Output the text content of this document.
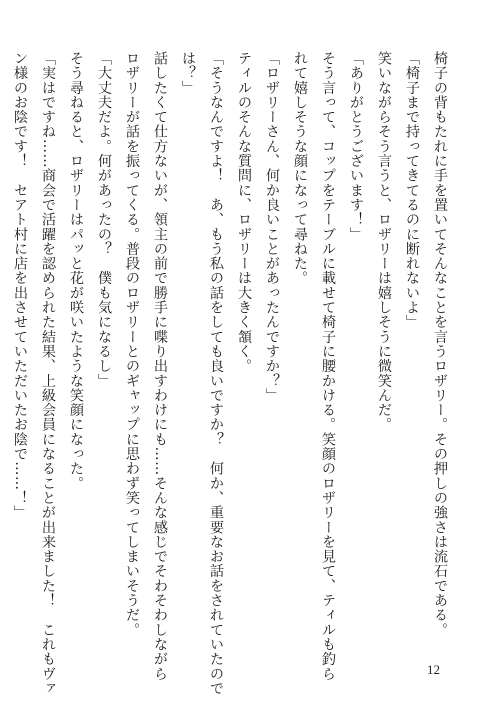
椅子の背もたれに手を置いてそんなことを言うロザリー。その押しの強さは流石である。
「椅子まで持ってきてるのに断れないよ」
笑いながらそう言うと、ロザリーは嬉しそうに微笑んだ。
「ありがとうございます！」
そう言って、コップをテーブルに載せて椅子に腰かける。笑顔のロザリーを見て、ティルも釣ら
れて嬉しそうな顔になって尋ねた。
「ロザリーさん、何か良いことがあったんですか？」
ティルのそんな質問に、ロザリーは大きく頷く。
「そうなんですよ！　あ、もう私の話をしても良いですか？　何か、重要なお話をされていたので
は？」
話したくて仕方ないが、領主の前で勝手に喋り出すわけにも……そんな感じでそわそわしながら
ロザリーが話を振ってくる。普段のロザリーとのギャップに思わず笑ってしまいそうだ。
「大丈夫だよ。何があったの？　僕も気になるし」
そう尋ねると、ロザリーはパッと花が咲いたような笑顔になった。
「実はですね……商会で活躍を認められた結果、上級会員になることが出来ました！　これもヴァ
ン様のお陰です！　セアト村に店を出させていただいたお陰で……！」
12
